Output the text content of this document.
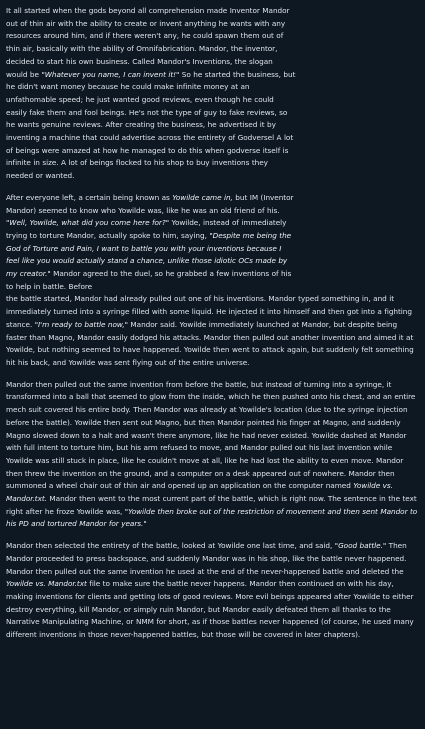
It all started when the gods beyond all comprehension made Inventor Mandor out of thin air with the ability to create or invent anything he wants with any resources around him, and if there weren't any, he could spawn them out of thin air, basically with the ability of Omnifabrication. Mandor, the inventor, decided to start his own business. Called Mandor's Inventions, the slogan would be "Whatever you name, I can invent it!" So he started the business, but he didn't want money because he could make infinite money at an unfathomable speed; he just wanted good reviews, even though he could easily fake them and fool beings. He's not the type of guy to fake reviews, so he wants genuine reviews. After creating the business, he advertised it by inventing a machine that could advertise across the entirety of Godversel A lot of beings were amazed at how he managed to do this when godverse itself is infinite in size. A lot of beings flocked to his shop to buy inventions they needed or wanted.

After everyone left, a certain being known as Yowilde came in, but IM (Inventor Mandor) seemed to know who Yowilde was, like he was an old friend of his. "Well, Yowilde, what did you come here for?" Yowilde, instead of immediately trying to torture Mandor, actually spoke to him, saying, "Despite me being the God of Torture and Pain, I want to battle you with your inventions because I feel like you would actually stand a chance, unlike those idiotic OCs made by my creator." Mandor agreed to the duel, so he grabbed a few inventions of his to help in battle. Before

the battle started, Mandor had already pulled out one of his inventions. Mandor typed something in, and it immediately turned into a syringe filled with some liquid. He injected it into himself and then got into a fighting stance. "I'm ready to battle now," Mandor said. Yowilde immediately launched at Mandor, but despite being faster than Magno, Mandor easily dodged his attacks. Mandor then pulled out another invention and aimed it at Yowilde, but nothing seemed to have happened. Yowilde then went to attack again, but suddenly felt something hit his back, and Yowilde was sent flying out of the entire universe.

Mandor then pulled out the same invention from before the battle, but instead of turning into a syringe, it transformed into a ball that seemed to glow from the inside, which he then pushed onto his chest, and an entire mech suit covered his entire body. Then Mandor was already at Yowilde's location (due to the syringe injection before the battle). Yowilde then sent out Magno, but then Mandor pointed his finger at Magno, and suddenly Magno slowed down to a halt and wasn't there anymore, like he had never existed. Yowilde dashed at Mandor with full intent to torture him, but his arm refused to move, and Mandor pulled out his last invention while Yowilde was still stuck in place, like he couldn't move at all, like he had lost the ability to even move. Mandor then threw the invention on the ground, and a computer on a desk appeared out of nowhere. Mandor then summoned a wheel chair out of thin air and opened up an application on the computer named Yowilde vs. Mandor.txt. Mandor then went to the most current part of the battle, which is right now. The sentence in the text right after he froze Yowilde was, "Yowilde then broke out of the restriction of movement and then sent Mandor to his PD and tortured Mandor for years."

Mandor then selected the entirety of the battle, looked at Yowilde one last time, and said, "Good battle." Then Mandor proceeded to press backspace, and suddenly Mandor was in his shop, like the battle never happened. Mandor then pulled out the same invention he used at the end of the never-happened battle and deleted the Yowilde vs. Mandor.txt file to make sure the battle never happens. Mandor then continued on with his day, making inventions for clients and getting lots of good reviews. More evil beings appeared after Yowilde to either destroy everything, kill Mandor, or simply ruin Mandor, but Mandor easily defeated them all thanks to the Narrative Manipulating Machine, or NMM for short, as if those battles never happened (of course, he used many different inventions in those never-happened battles, but those will be covered in later chapters).
